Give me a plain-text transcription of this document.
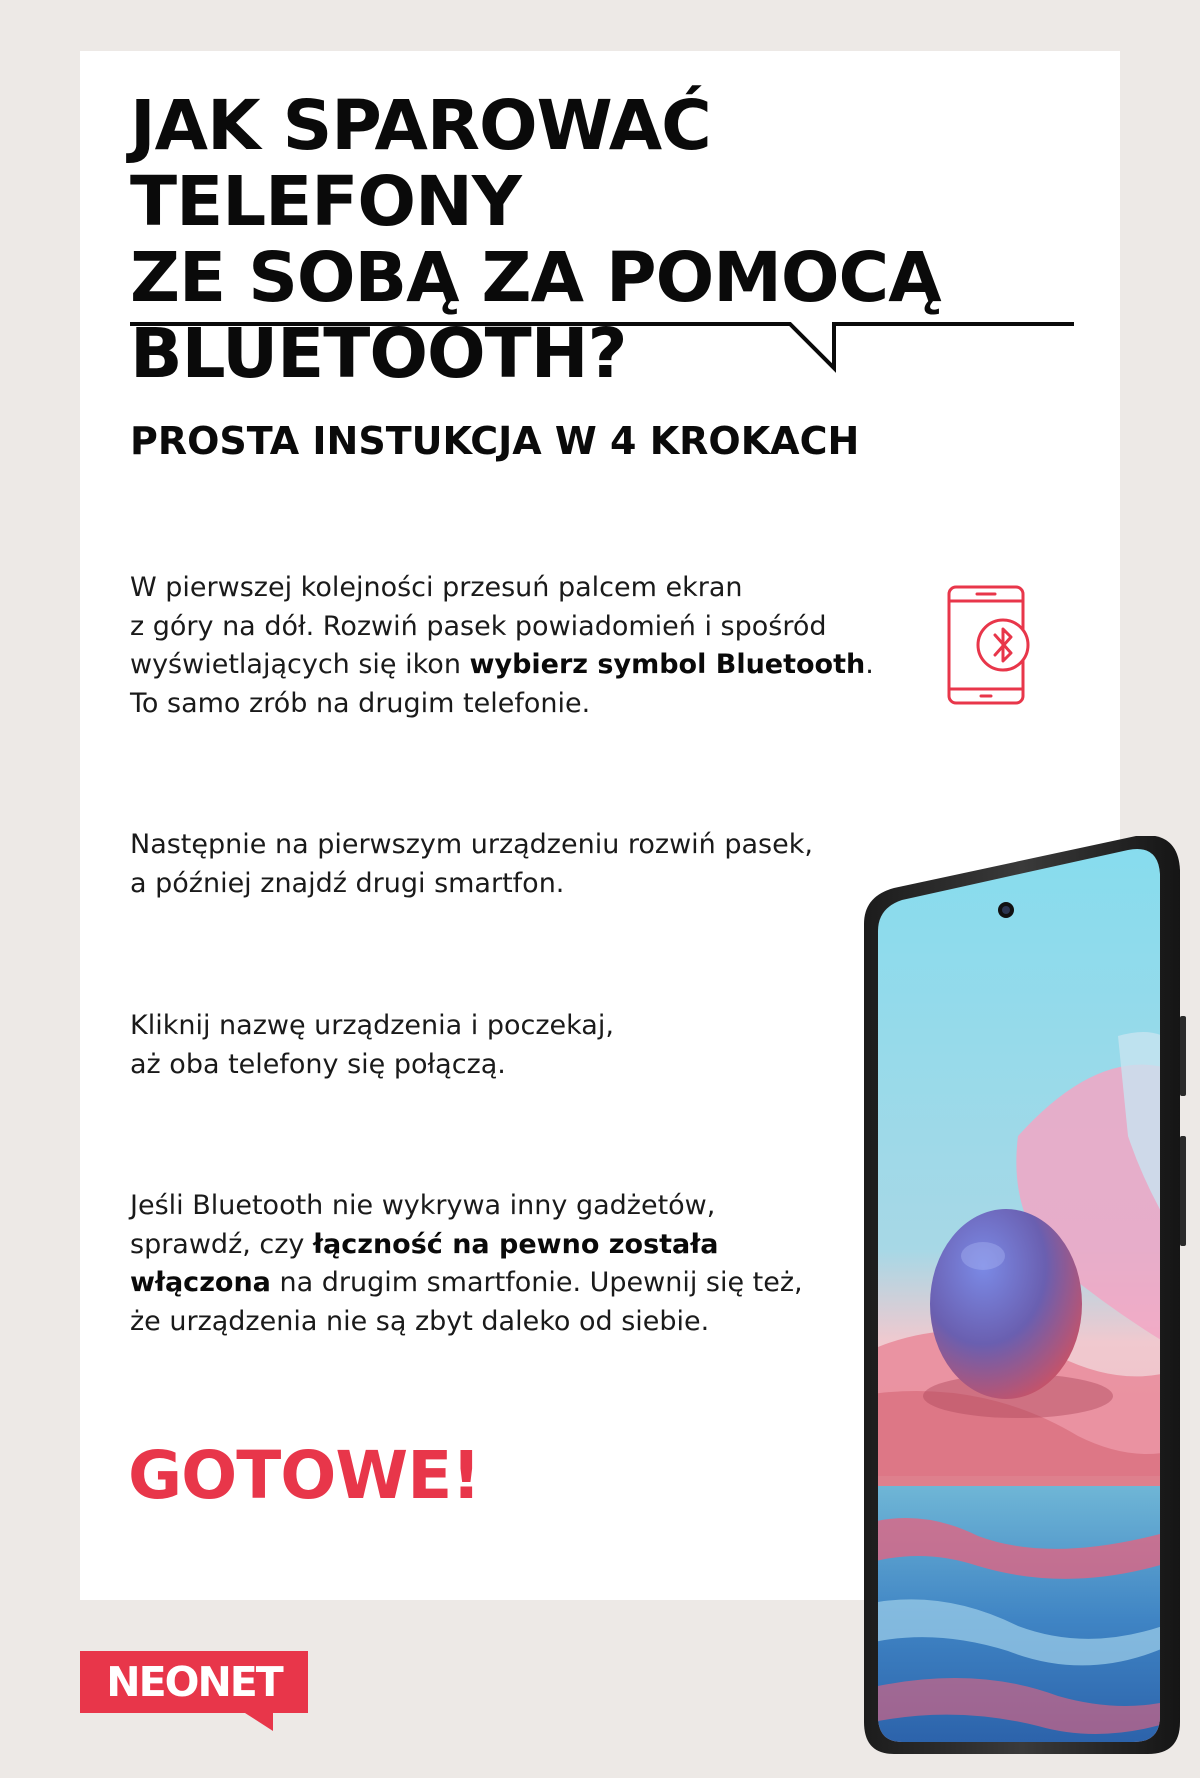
JAK SPAROWAĆ TELEFONY
ZE SOBĄ ZA POMOCĄ
BLUETOOTH?
PROSTA INSTUKCJA W 4 KROKACH

W pierwszej kolejności przesuń palcem ekran
z góry na dół. Rozwiń pasek powiadomień i spośród
wyświetlających się ikon wybierz symbol Bluetooth.
To samo zrób na drugim telefonie.

Następnie na pierwszym urządzeniu rozwiń pasek,
a później znajdź drugi smartfon.

Kliknij nazwę urządzenia i poczekaj,
aż oba telefony się połączą.

Jeśli Bluetooth nie wykrywa inny gadżetów,
sprawdź, czy łączność na pewno została
włączona na drugim smartfonie. Upewnij się też,
że urządzenia nie są zbyt daleko od siebie.

GOTOWE!

NEONET
